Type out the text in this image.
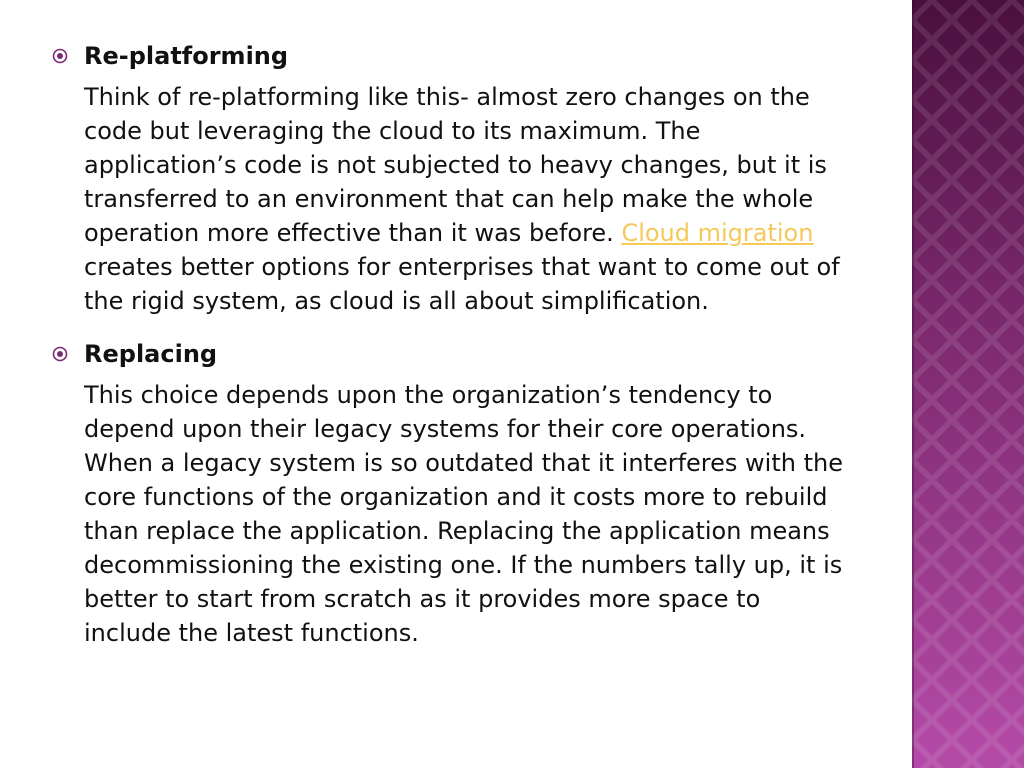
Re-platforming

Think of re-platforming like this- almost zero changes on the code but leveraging the cloud to its maximum. The application’s code is not subjected to heavy changes, but it is transferred to an environment that can help make the whole operation more effective than it was before. Cloud migration creates better options for enterprises that want to come out of the rigid system, as cloud is all about simplification.

Replacing

This choice depends upon the organization’s tendency to depend upon their legacy systems for their core operations. When a legacy system is so outdated that it interferes with the core functions of the organization and it costs more to rebuild than replace the application. Replacing the application means decommissioning the existing one. If the numbers tally up, it is better to start from scratch as it provides more space to include the latest functions.
